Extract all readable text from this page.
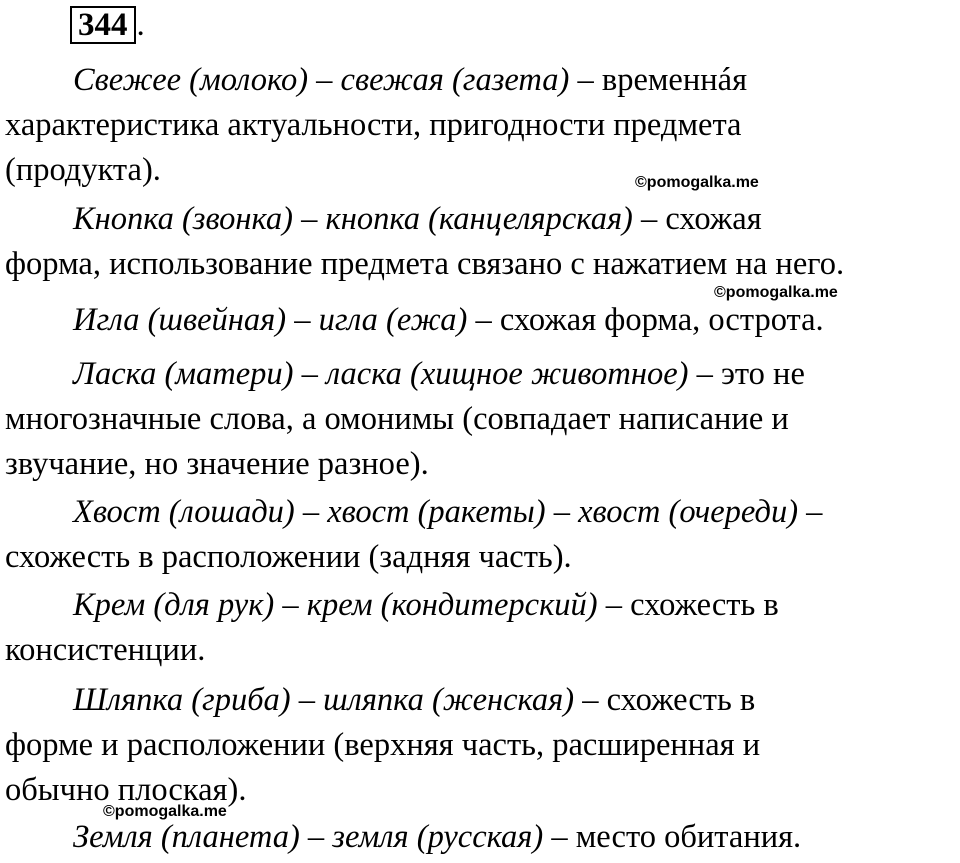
344 .
Свежее (молоко) – свежая (газета) – временнáя
характеристика актуальности, пригодности предмета
(продукта).
Кнопка (звонка) – кнопка (канцелярская) – схожая
форма, использование предмета связано с нажатием на него.
Игла (швейная) – игла (ежа) – схожая форма, острота.
Ласка (матери) – ласка (хищное животное) – это не
многозначные слова, а омонимы (совпадает написание и
звучание, но значение разное).
Хвост (лошади) – хвост (ракеты) – хвост (очереди) –
схожесть в расположении (задняя часть).
Крем (для рук) – крем (кондитерский) – схожесть в
консистенции.
Шляпка (гриба) – шляпка (женская) – схожесть в
форме и расположении (верхняя часть, расширенная и
обычно плоская).
Земля (планета) – земля (русская) – место обитания.
©pomogalka.me
©pomogalka.me
©pomogalka.me
